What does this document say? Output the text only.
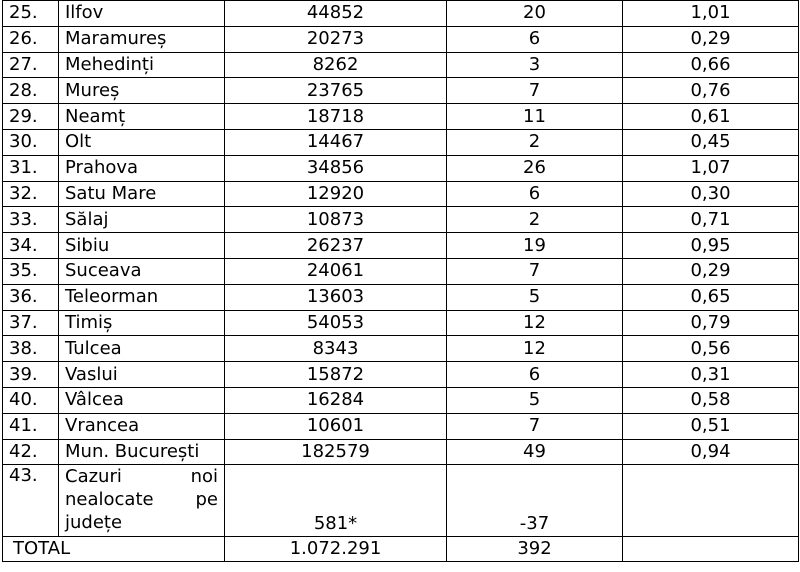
25.	Ilfov	44852	20	1,01
26.	Maramureș	20273	6	0,29
27.	Mehedinți	8262	3	0,66
28.	Mureș	23765	7	0,76
29.	Neamț	18718	11	0,61
30.	Olt	14467	2	0,45
31.	Prahova	34856	26	1,07
32.	Satu Mare	12920	6	0,30
33.	Sălaj	10873	2	0,71
34.	Sibiu	26237	19	0,95
35.	Suceava	24061	7	0,29
36.	Teleorman	13603	5	0,65
37.	Timiș	54053	12	0,79
38.	Tulcea	8343	12	0,56
39.	Vaslui	15872	6	0,31
40.	Vâlcea	16284	5	0,58
41.	Vrancea	10601	7	0,51
42.	Mun. București	182579	49	0,94
43.	Cazuri noi nealocate pe județe	581*	-37	
TOTAL		1.072.291	392	
